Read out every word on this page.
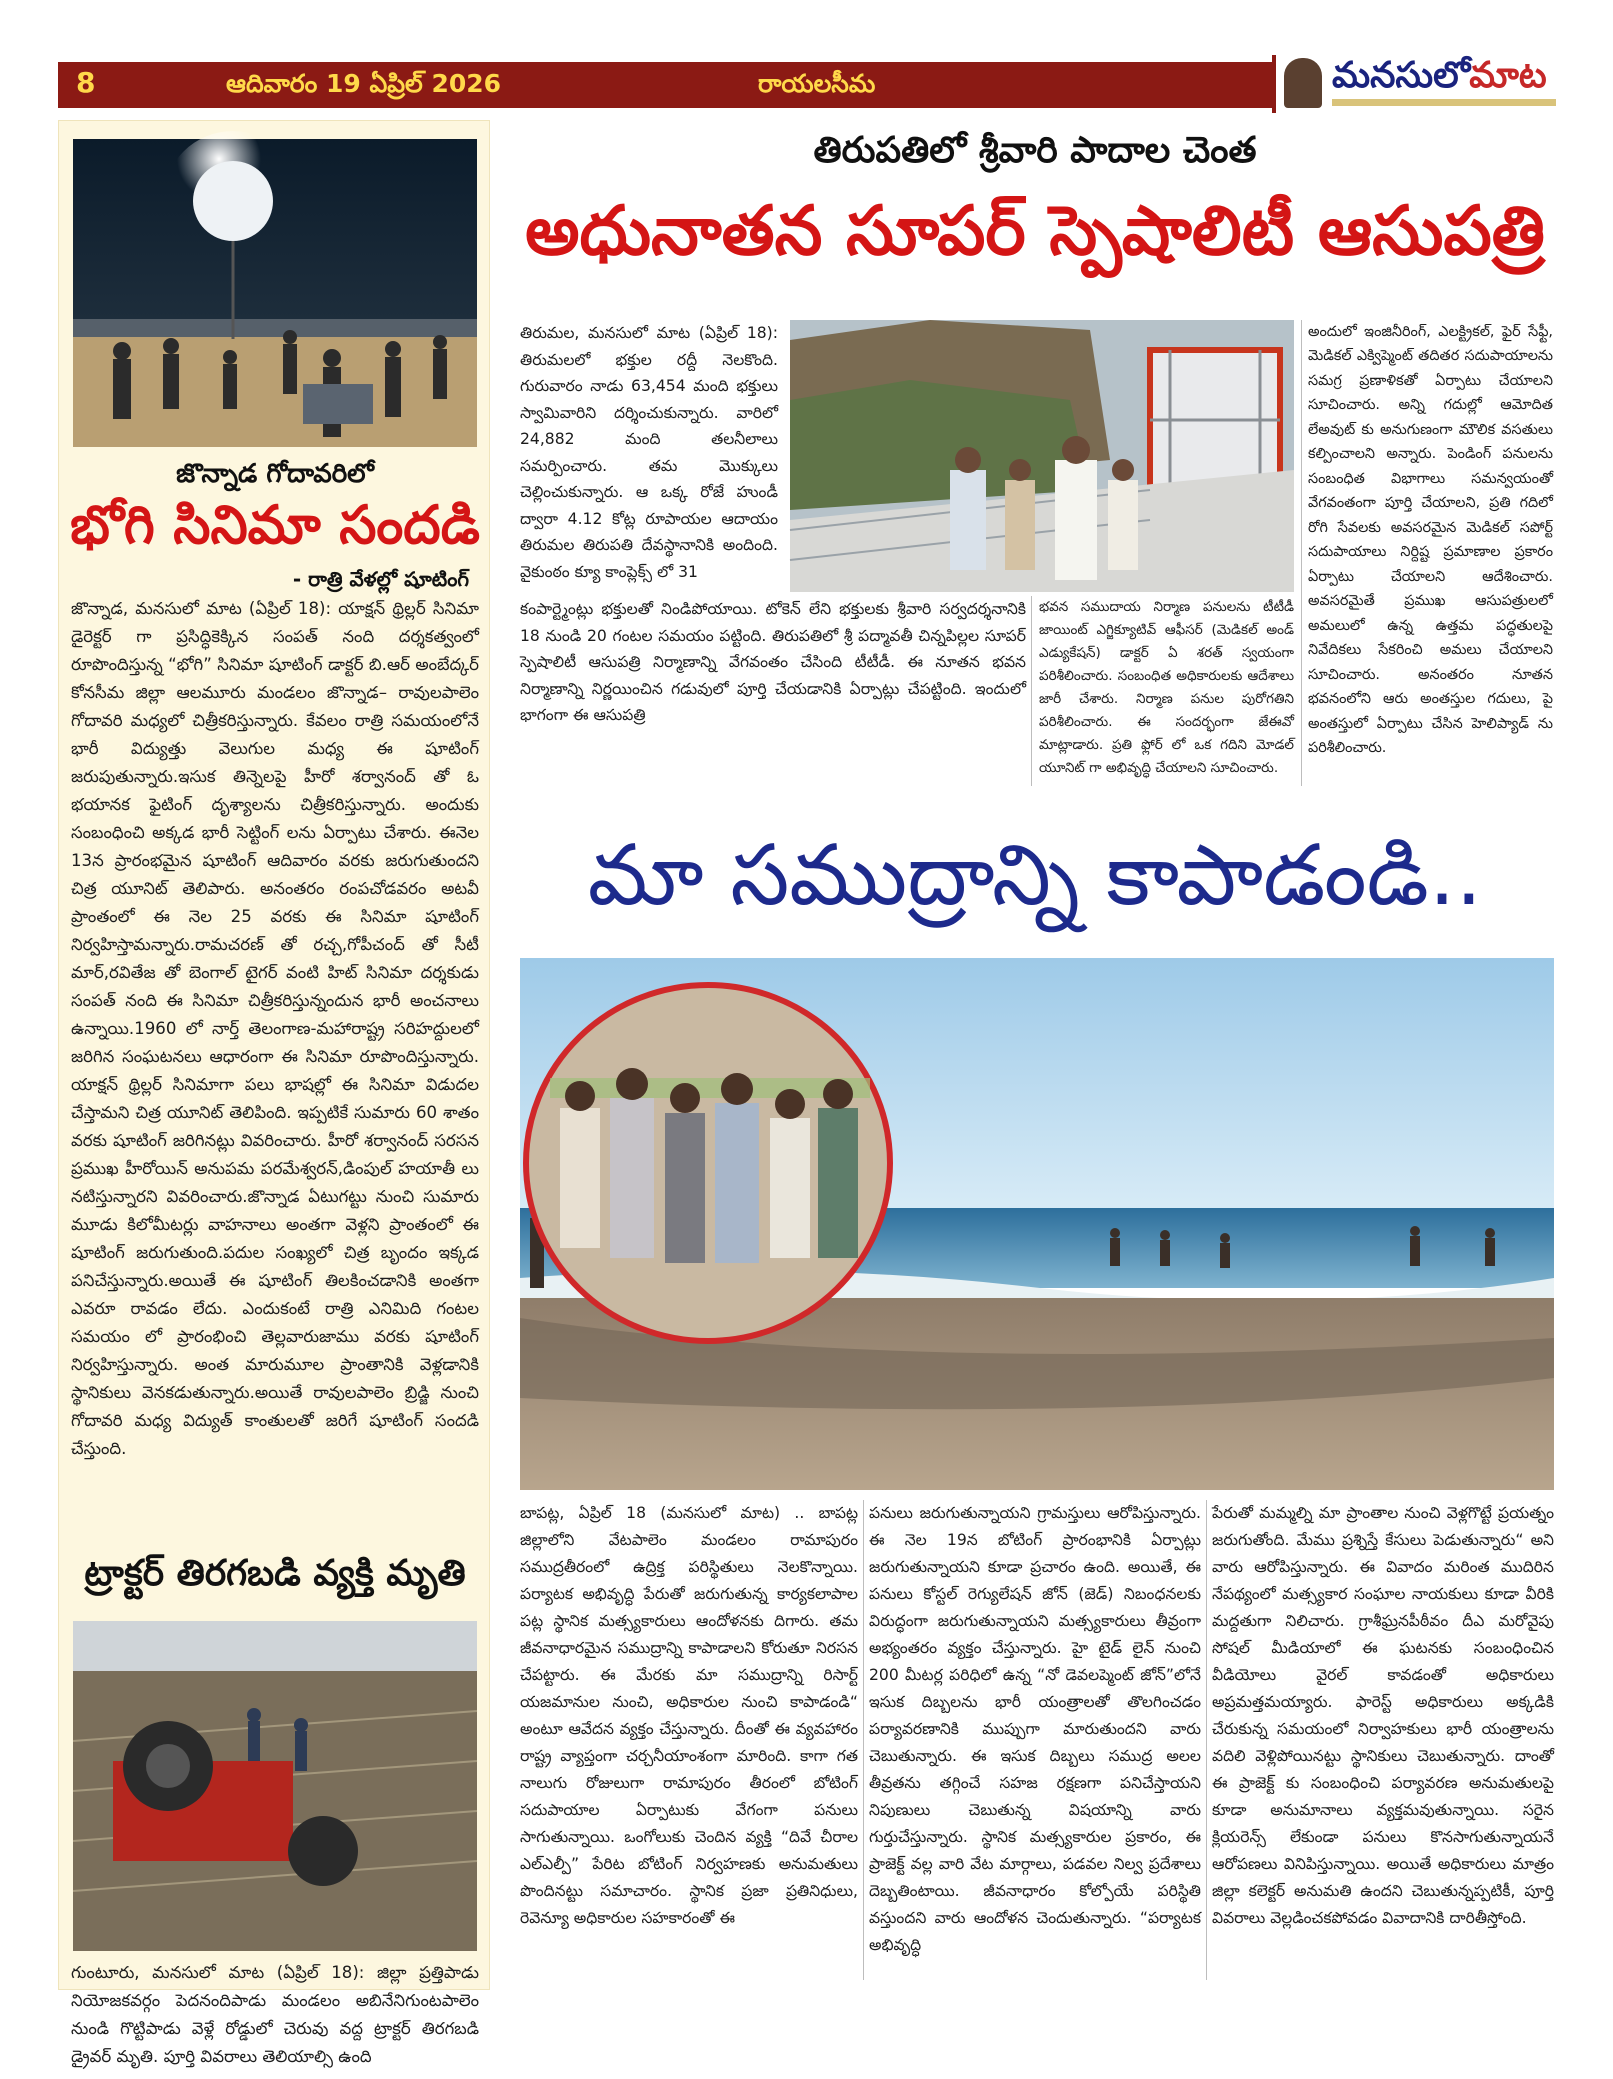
8	ఆదివారం 19 ఏప్రిల్ 2026	రాయలసీమ	మనసులోమాట
జొన్నాడ గోదావరిలో
భోగి సినిమా సందడి
- రాత్రి వేళల్లో షూటింగ్
జొన్నాడ, మనసులో మాట (ఏప్రిల్ 18): యాక్షన్ థ్రిల్లర్ సినిమా డైరెక్టర్ గా ప్రసిద్ధికెక్కిన సంపత్ నంది దర్శకత్వంలో రూపొందిస్తున్న “భోగి” సినిమా షూటింగ్ డాక్టర్ బి.ఆర్ అంబేద్కర్ కోనసీమ జిల్లా ఆలమూరు మండలం జొన్నాడ– రావులపాలెం గోదావరి మధ్యలో చిత్రీకరిస్తున్నారు. కేవలం రాత్రి సమయంలోనే భారీ విద్యుత్తు వెలుగుల మధ్య ఈ షూటింగ్ జరుపుతున్నారు.ఇసుక తిన్నెలపై హీరో శర్వానంద్ తో ఓ భయానక ఫైటింగ్ దృశ్యాలను చిత్రీకరిస్తున్నారు. అందుకు సంబంధించి అక్కడ భారీ సెట్టింగ్ లను ఏర్పాటు చేశారు. ఈనెల 13న ప్రారంభమైన షూటింగ్ ఆదివారం వరకు జరుగుతుందని చిత్ర యూనిట్ తెలిపారు. అనంతరం రంపచోడవరం అటవీ ప్రాంతంలో ఈ నెల 25 వరకు ఈ సినిమా షూటింగ్ నిర్వహిస్తామన్నారు.రామచరణ్ తో రచ్చ,గోపీచంద్ తో సీటీ మార్,రవితేజ తో బెంగాల్ టైగర్ వంటి హిట్ సినిమా దర్శకుడు సంపత్ నంది ఈ సినిమా చిత్రీకరిస్తున్నందున భారీ అంచనాలు ఉన్నాయి.1960 లో నార్త్ తెలంగాణ-మహారాష్ట్ర సరిహద్దులలో జరిగిన సంఘటనలు ఆధారంగా ఈ సినిమా రూపొందిస్తున్నారు. యాక్షన్ థ్రిల్లర్ సినిమాగా పలు భాషల్లో ఈ సినిమా విడుదల చేస్తామని చిత్ర యూనిట్ తెలిపింది. ఇప్పటికే సుమారు 60 శాతం వరకు షూటింగ్ జరిగినట్లు వివరించారు. హీరో శర్వానంద్ సరసన ప్రముఖ హీరోయిన్ అనుపమ పరమేశ్వరన్,డింపుల్ హయాతీ లు నటిస్తున్నారని వివరించారు.జొన్నాడ ఏటుగట్టు నుంచి సుమారు మూడు కిలోమీటర్లు వాహనాలు అంతగా వెళ్లని ప్రాంతంలో ఈ షూటింగ్ జరుగుతుంది.పదుల సంఖ్యలో చిత్ర బృందం ఇక్కడ పనిచేస్తున్నారు.అయితే ఈ షూటింగ్ తిలకించడానికి అంతగా ఎవరూ రావడం లేదు. ఎందుకంటే రాత్రి ఎనిమిది గంటల సమయం లో ప్రారంభించి తెల్లవారుజాము వరకు షూటింగ్ నిర్వహిస్తున్నారు. అంత మారుమూల ప్రాంతానికి వెళ్లడానికి స్థానికులు వెనకడుతున్నారు.అయితే రావులపాలెం బ్రిడ్జి నుంచి గోదావరి మధ్య విద్యుత్ కాంతులతో జరిగే షూటింగ్ సందడి చేస్తుంది.
ట్రాక్టర్ తిరగబడి వ్యక్తి మృతి
గుంటూరు, మనసులో మాట (ఏప్రిల్ 18): జిల్లా ప్రత్తిపాడు నియోజకవర్గం పెదనందిపాడు మండలం అబినేనిగుంటపాలెం నుండి గొట్టిపాడు వెళ్లే రోడ్డులో చెరువు వద్ద ట్రాక్టర్ తిరగబడి డ్రైవర్ మృతి. పూర్తి వివరాలు తెలియాల్సి ఉంది
తిరుపతిలో శ్రీవారి పాదాల చెంత
అధునాతన సూపర్ స్పెషాలిటీ ఆసుపత్రి
తిరుమల, మనసులో మాట (ఏప్రిల్ 18): తిరుమలలో భక్తుల రద్దీ నెలకొంది. గురువారం నాడు 63,454 మంది భక్తులు స్వామివారిని దర్శించుకున్నారు. వారిలో 24,882 మంది తలనీలాలు సమర్పించారు. తమ మొక్కులు చెల్లించుకున్నారు. ఆ ఒక్క రోజే హుండీ ద్వారా 4.12 కోట్ల రూపాయల ఆదాయం తిరుమల తిరుపతి దేవస్థానానికి అందింది. వైకుంఠం క్యూ కాంప్లెక్స్ లో 31
కంపార్ట్మెంట్లు భక్తులతో నిండిపోయాయి. టోకెన్ లేని భక్తులకు శ్రీవారి సర్వదర్శనానికి 18 నుండి 20 గంటల సమయం పట్టింది. తిరుపతిలో శ్రీ పద్మావతీ చిన్నపిల్లల సూపర్ స్పెషాలిటీ ఆసుపత్రి నిర్మాణాన్ని వేగవంతం చేసింది టీటీడీ. ఈ నూతన భవన నిర్మాణాన్ని నిర్ణయించిన గడువులో పూర్తి చేయడానికి ఏర్పాట్లు చేపట్టింది. ఇందులో భాగంగా ఈ ఆసుపత్రి
భవన సముదాయ నిర్మాణ పనులను టీటీడీ జాయింట్ ఎగ్జిక్యూటివ్ ఆఫీసర్ (మెడికల్ అండ్ ఎడ్యుకేషన్) డాక్టర్ ఏ శరత్ స్వయంగా పరిశీలించారు. సంబంధిత అధికారులకు ఆదేశాలు జారీ చేశారు. నిర్మాణ పనుల పురోగతిని పరిశీలించారు. ఈ సందర్భంగా జేఈవో మాట్లాడారు. ప్రతి ఫ్లోర్ లో ఒక గదిని మోడల్ యూనిట్ గా అభివృద్ధి చేయాలని సూచించారు.
అందులో ఇంజినీరింగ్, ఎలక్ట్రికల్, ఫైర్ సేఫ్టీ, మెడికల్ ఎక్విప్మెంట్ తదితర సదుపాయాలను సమగ్ర ప్రణాళికతో ఏర్పాటు చేయాలని సూచించారు. అన్ని గదుల్లో ఆమోదిత లేఅవుట్ కు అనుగుణంగా మౌలిక వసతులు కల్పించాలని అన్నారు. పెండింగ్ పనులను సంబంధిత విభాగాలు సమన్వయంతో వేగవంతంగా పూర్తి చేయాలని, ప్రతి గదిలో రోగి సేవలకు అవసరమైన మెడికల్ సపోర్ట్ సదుపాయాలు నిర్దిష్ట ప్రమాణాల ప్రకారం ఏర్పాటు చేయాలని ఆదేశించారు. అవసరమైతే ప్రముఖ ఆసుపత్రులలో అమలులో ఉన్న ఉత్తమ పద్ధతులపై నివేదికలు సేకరించి అమలు చేయాలని సూచించారు. అనంతరం నూతన భవనంలోని ఆరు అంతస్తుల గదులు, పై అంతస్తులో ఏర్పాటు చేసిన హెలిప్యాడ్ ను పరిశీలించారు.
మా సముద్రాన్ని కాపాడండి..
బాపట్ల, ఏప్రిల్ 18 (మనసులో మాట) .. బాపట్ల జిల్లాలోని వేటపాలెం మండలం రామాపురం సముద్రతీరంలో ఉద్రిక్త పరిస్థితులు నెలకొన్నాయి. పర్యాటక అభివృద్ధి పేరుతో జరుగుతున్న కార్యకలాపాల పట్ల స్థానిక మత్స్యకారులు ఆందోళనకు దిగారు. తమ జీవనాధారమైన సముద్రాన్ని కాపాడాలని కోరుతూ నిరసన చేపట్టారు. ఈ మేరకు మా సముద్రాన్ని రిసార్ట్ యజమానుల నుంచి, అధికారుల నుంచి కాపాడండి“ అంటూ ఆవేదన వ్యక్తం చేస్తున్నారు. దీంతో ఈ వ్యవహారం రాష్ట్ర వ్యాప్తంగా చర్చనీయాంశంగా మారింది. కాగా గత నాలుగు రోజులుగా రామాపురం తీరంలో బోటింగ్ సదుపాయాల ఏర్పాటుకు వేగంగా పనులు సాగుతున్నాయి. ఒంగోలుకు చెందిన వ్యక్తి “దివే చీరాల ఎల్ఎల్పీ” పేరిట బోటింగ్ నిర్వహణకు అనుమతులు పొందినట్టు సమాచారం. స్థానిక ప్రజా ప్రతినిధులు, రెవెన్యూ అధికారుల సహకారంతో ఈ
పనులు జరుగుతున్నాయని గ్రామస్తులు ఆరోపిస్తున్నారు. ఈ నెల 19న బోటింగ్ ప్రారంభానికి ఏర్పాట్లు జరుగుతున్నాయని కూడా ప్రచారం ఉంది. అయితే, ఈ పనులు కోస్టల్ రెగ్యులేషన్ జోన్ (జెడ్) నిబంధనలకు విరుద్ధంగా జరుగుతున్నాయని మత్స్యకారులు తీవ్రంగా అభ్యంతరం వ్యక్తం చేస్తున్నారు. హై టైడ్ లైన్ నుంచి 200 మీటర్ల పరిధిలో ఉన్న “నో డెవలప్మెంట్ జోన్”లోనే ఇసుక దిబ్బలను భారీ యంత్రాలతో తొలగించడం పర్యావరణానికి ముప్పుగా మారుతుందని వారు చెబుతున్నారు. ఈ ఇసుక దిబ్బలు సముద్ర అలల తీవ్రతను తగ్గించే సహజ రక్షణగా పనిచేస్తాయని నిపుణులు చెబుతున్న విషయాన్ని వారు గుర్తుచేస్తున్నారు. స్థానిక మత్స్యకారుల ప్రకారం, ఈ ప్రాజెక్ట్ వల్ల వారి వేట మార్గాలు, పడవల నిల్వ ప్రదేశాలు దెబ్బతింటాయి. జీవనాధారం కోల్పోయే పరిస్థితి వస్తుందని వారు ఆందోళన చెందుతున్నారు. “పర్యాటక అభివృద్ధి
పేరుతో మమ్మల్ని మా ప్రాంతాల నుంచి వెళ్లగొట్టే ప్రయత్నం జరుగుతోంది. మేము ప్రశ్నిస్తే కేసులు పెడుతున్నారు“ అని వారు ఆరోపిస్తున్నారు. ఈ వివాదం మరింత ముదిరిన నేపథ్యంలో మత్స్యకార సంఘాల నాయకులు కూడా వీరికి మద్దతుగా నిలిచారు. గ్రాశీఘ్రనపీఠీవం దీఎ మరోవైపు సోషల్ మీడియాలో ఈ ఘటనకు సంబంధించిన వీడియోలు వైరల్ కావడంతో అధికారులు అప్రమత్తమయ్యారు. ఫారెస్ట్ అధికారులు అక్కడికి చేరుకున్న సమయంలో నిర్వాహకులు భారీ యంత్రాలను వదిలి వెళ్లిపోయినట్టు స్థానికులు చెబుతున్నారు. దాంతో ఈ ప్రాజెక్ట్ కు సంబంధించి పర్యావరణ అనుమతులపై కూడా అనుమానాలు వ్యక్తమవుతున్నాయి. సరైన క్లియరెన్స్ లేకుండా పనులు కొనసాగుతున్నాయనే ఆరోపణలు వినిపిస్తున్నాయి. అయితే అధికారులు మాత్రం జిల్లా కలెక్టర్ అనుమతి ఉందని చెబుతున్నప్పటికీ, పూర్తి వివరాలు వెల్లడించకపోవడం వివాదానికి దారితీస్తోంది.
